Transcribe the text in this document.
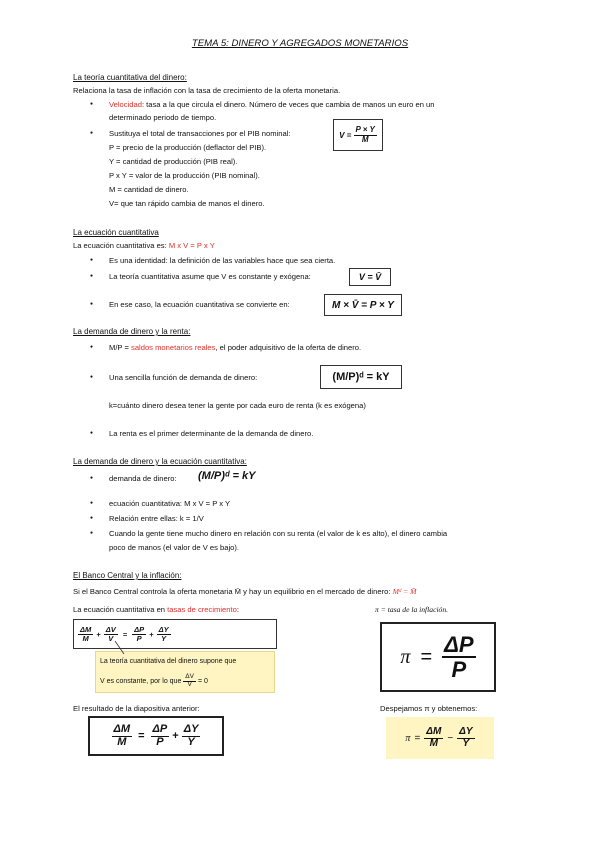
TEMA 5: DINERO Y AGREGADOS MONETARIOS
La teoría cuantitativa del dinero:
Relaciona la tasa de inflación con la tasa de crecimiento de la oferta monetaria.
Velocidad: tasa a la que circula el dinero. Número de veces que cambia de manos un euro en un
determinado periodo de tiempo.
Sustituya el total de transacciones por el PIB nominal:	$V = \frac{P \times Y}{M}$
P = precio de la producción (deflactor del PIB).
Y = cantidad de producción (PIB real).
P x Y = valor de la producción (PIB nominal).
M = cantidad de dinero.
V= que tan rápido cambia de manos el dinero.
La ecuación cuantitativa
La ecuación cuantitativa es: M x V = P x Y
Es una identidad: la definición de las variables hace que sea cierta.
La teoría cuantitativa asume que V es constante y exógena:	V = V̄
En ese caso, la ecuación cuantitativa se convierte en:	M × V̄ = P × Y
La demanda de dinero y la renta:
M/P = saldos monetarios reales, el poder adquisitivo de la oferta de dinero.
Una sencilla función de demanda de dinero:	(M/P)ᵈ = kY
k=cuánto dinero desea tener la gente por cada euro de renta (k es exógena)
La renta es el primer determinante de la demanda de dinero.
La demanda de dinero y la ecuación cuantitativa:
demanda de dinero: (M/P)ᵈ = kY
ecuación cuantitativa: M x V = P x Y
Relación entre ellas: k = 1/V
Cuando la gente tiene mucho dinero en relación con su renta (el valor de k es alto), el dinero cambia
poco de manos (el valor de V es bajo).
El Banco Central y la inflación:
Si el Banco Central controla la oferta monetaria M̄ y hay un equilibrio en el mercado de dinero: Mᵈ = M̄
La ecuación cuantitativa en tasas de crecimiento:	π = tasa de la inflación.
$\frac{\Delta M}{M} + \frac{\Delta V}{V} = \frac{\Delta P}{P} + \frac{\Delta Y}{Y}$
La teoría cuantitativa del dinero supone que
V es constante, por lo que
$\frac{\Delta V}{V}$
= 0
$\pi = \frac{\Delta P}{P}$
El resultado de la diapositiva anterior:	Despejamos π y obtenemos:
$\frac{\Delta M}{M} = \frac{\Delta P}{P} + \frac{\Delta Y}{Y}$	$\pi = \frac{\Delta M}{M} - \frac{\Delta Y}{Y}$
